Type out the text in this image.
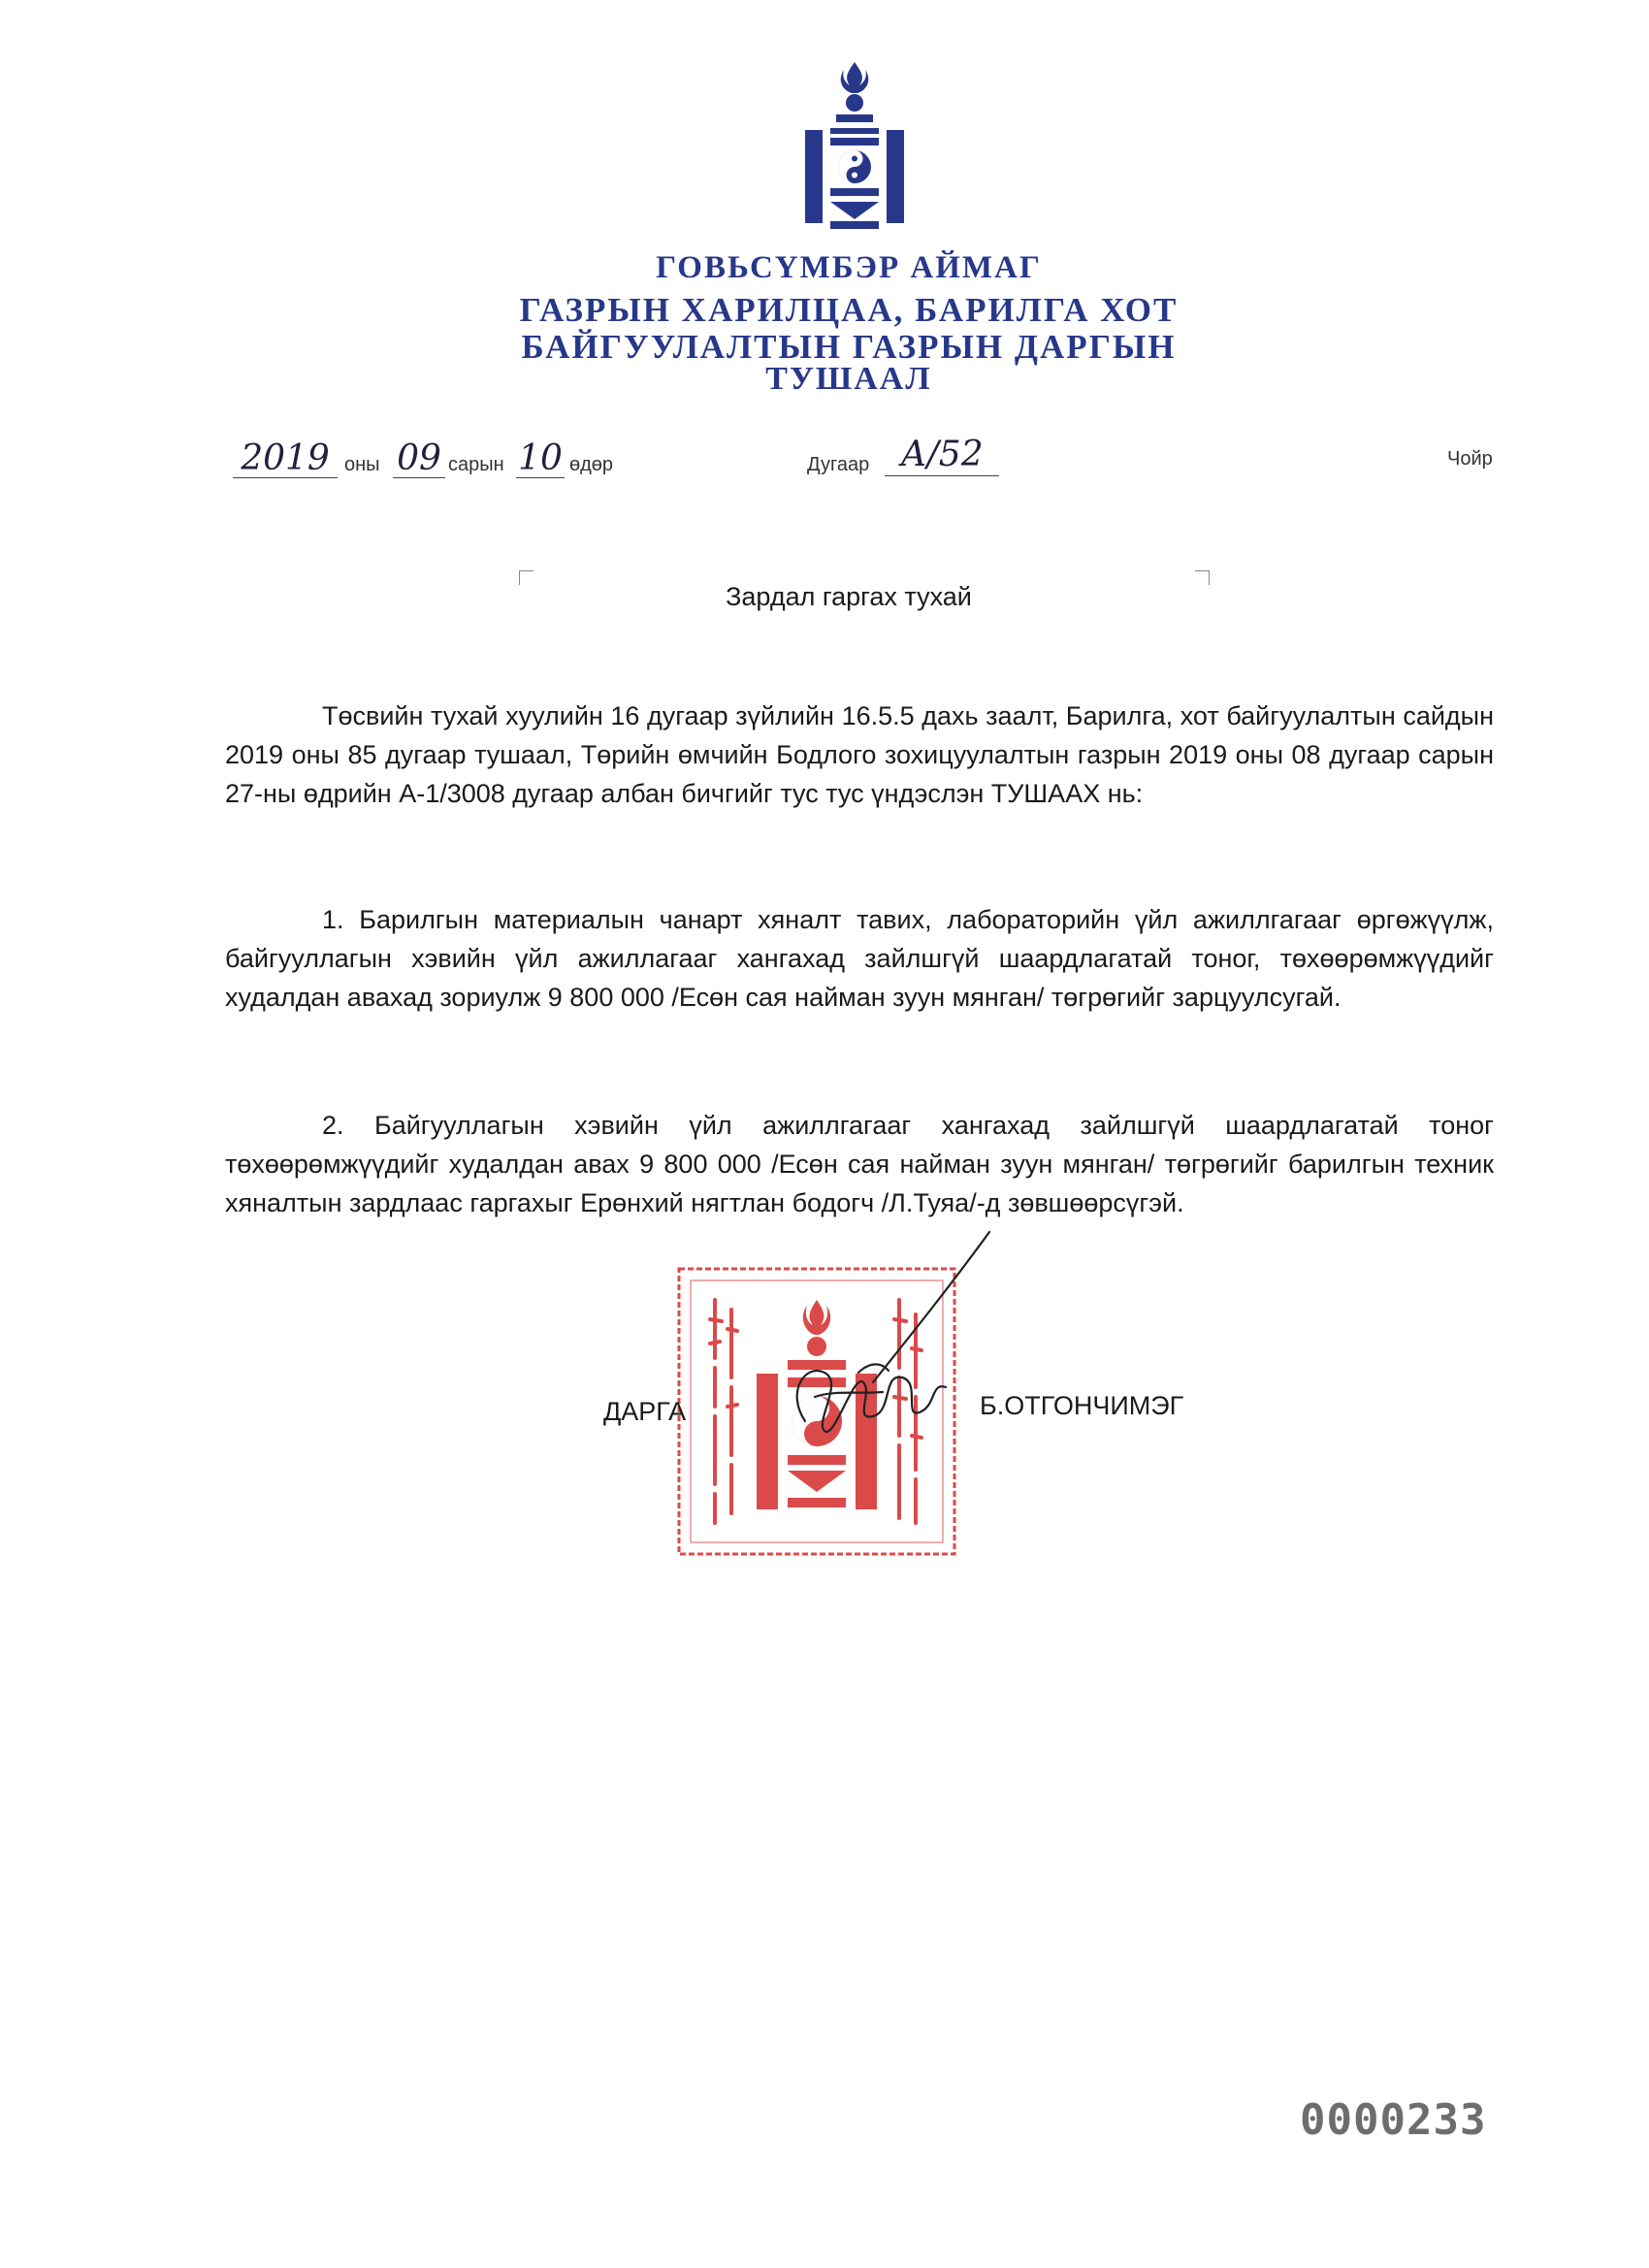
ГОВЬСҮМБЭР АЙМАГ
ГАЗРЫН ХАРИЛЦАА, БАРИЛГА ХОТ
БАЙГУУЛАЛТЫН ГАЗРЫН ДАРГЫН
ТУШААЛ
2019 оны 09 сарын 10 өдөр	Дугаар А/52	Чойр
Зардал гаргах тухай
Төсвийн тухай хуулийн 16 дугаар зүйлийн 16.5.5 дахь заалт, Барилга, хот байгуулалтын сайдын 2019 оны 85 дугаар тушаал, Төрийн өмчийн Бодлого зохицуулалтын газрын 2019 оны 08 дугаар сарын 27-ны өдрийн А-1/3008 дугаар албан бичгийг тус тус үндэслэн ТУШААХ нь:
1. Барилгын материалын чанарт хяналт тавих, лабораторийн үйл ажиллгагааг өргөжүүлж, байгууллагын хэвийн үйл ажиллагааг хангахад зайлшгүй шаардлагатай тоног, төхөөрөмжүүдийг худалдан авахад зориулж 9 800 000 /Есөн сая найман зуун мянган/ төгрөгийг зарцуулсугай.
2. Байгууллагын хэвийн үйл ажиллгагааг хангахад зайлшгүй шаардлагатай тоног төхөөрөмжүүдийг худалдан авах 9 800 000 /Есөн сая найман зуун мянган/ төгрөгийг барилгын техник хяналтын зардлаас гаргахыг Ерөнхий нягтлан бодогч /Л.Туяа/-д зөвшөөрсүгэй.
ДАРГА	Б.ОТГОНЧИМЭГ
0000233
